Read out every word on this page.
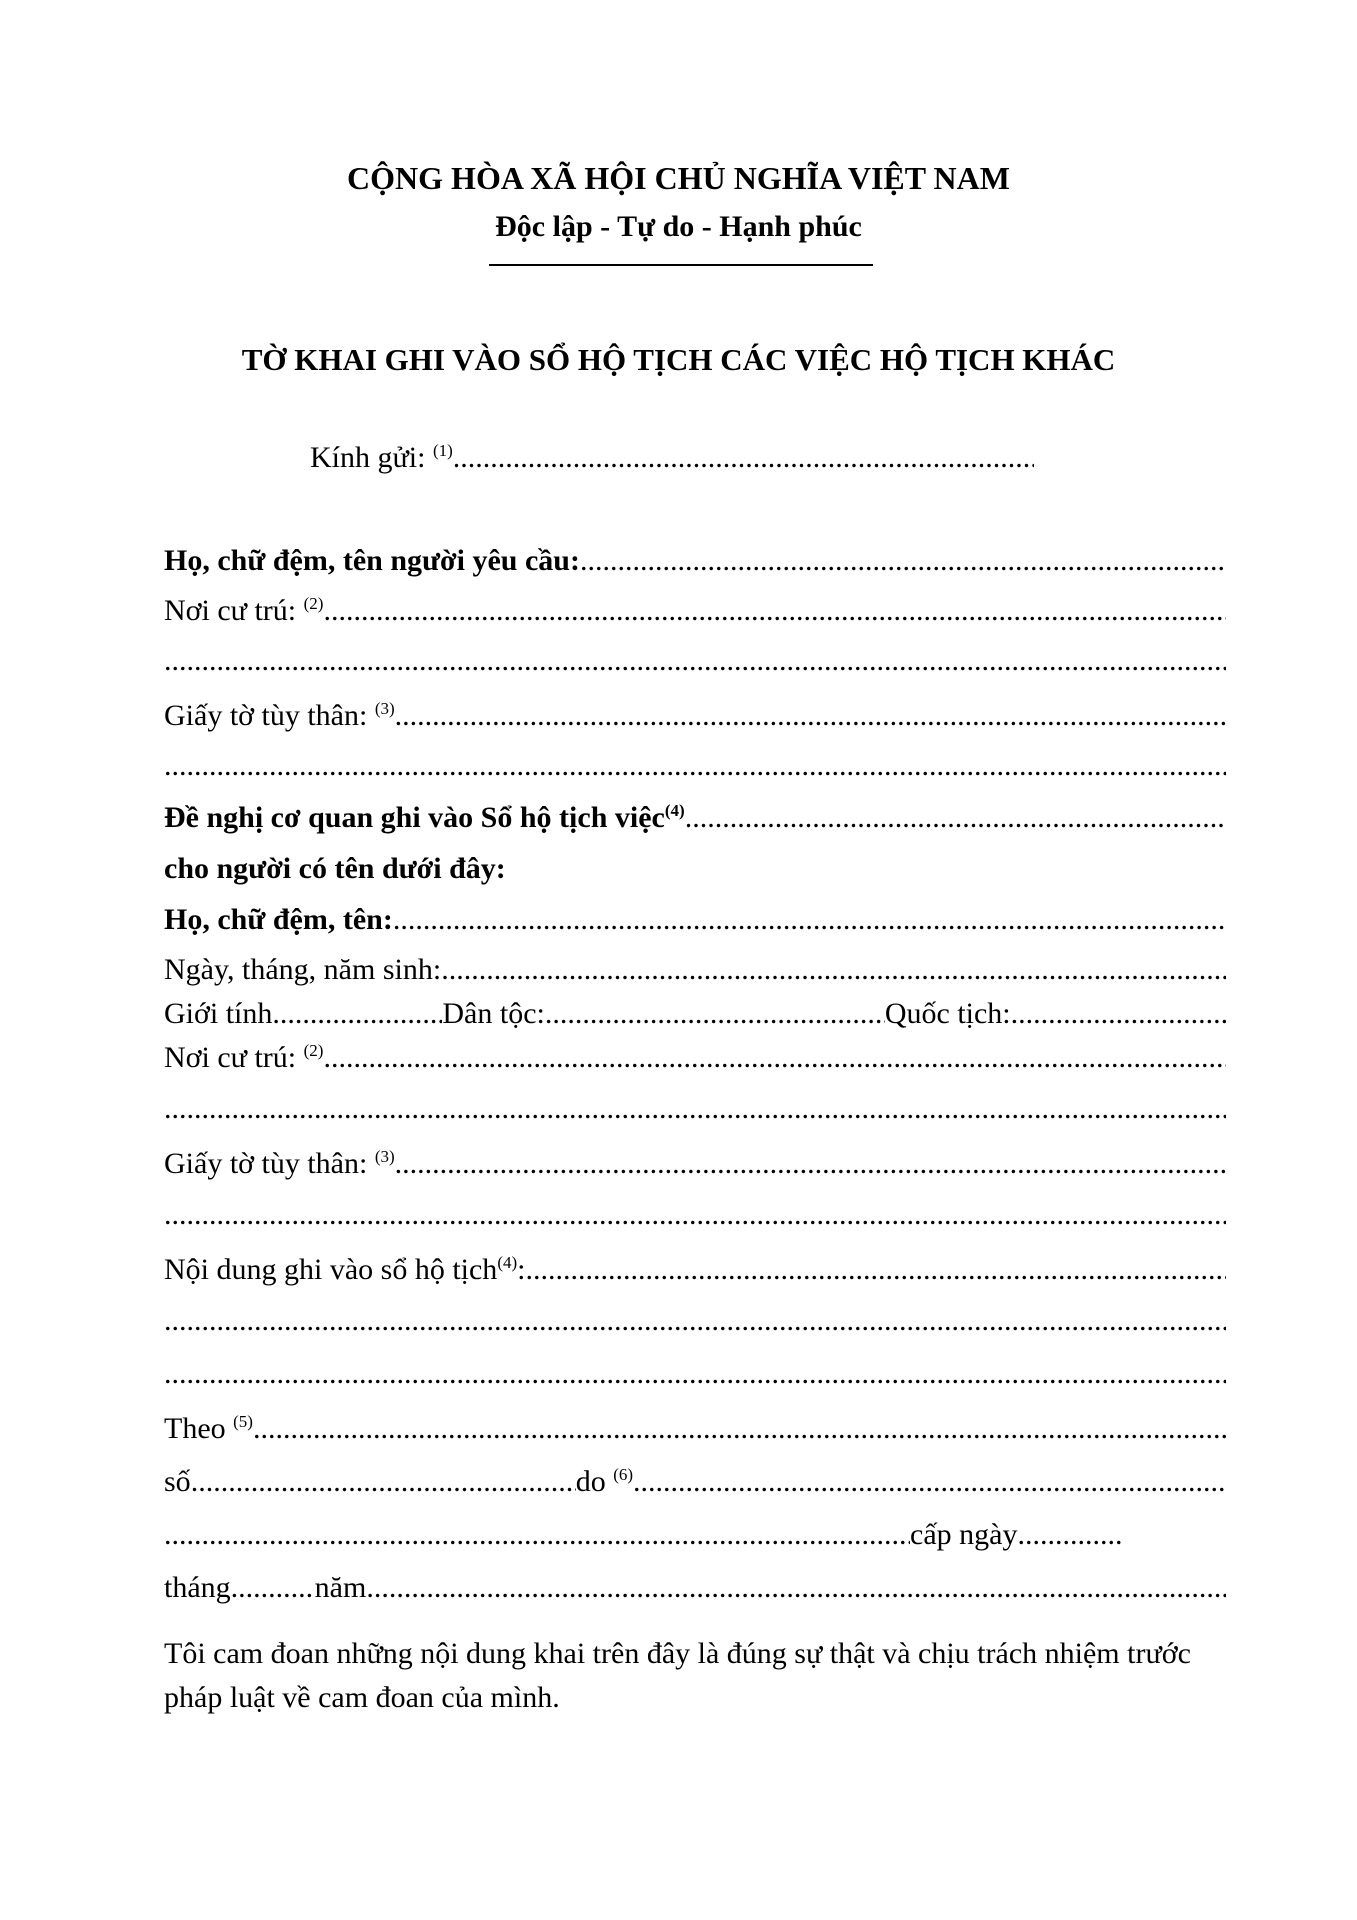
CỘNG HÒA XÃ HỘI CHỦ NGHĨA VIỆT NAM
Độc lập - Tự do - Hạnh phúc
TỜ KHAI GHI VÀO SỔ HỘ TỊCH CÁC VIỆC HỘ TỊCH KHÁC
Kính gửi: $^{(1)}$
.....
Họ, chữ đệm, tên người yêu cầu:
.....
Nơi cư trú: $^{(2)}$
.....
.....
Giấy tờ tùy thân: $^{(3)}$
.....
.....
Đề nghị cơ quan ghi vào Sổ hộ tịch việc$^{(4)}$
.....
cho người có tên dưới đây:
Họ, chữ đệm, tên:
.....
Ngày, tháng, năm sinh:
.....
Giới tính .....	Dân tộc: .....	Quốc tịch:
.....
Nơi cư trú: $^{(2)}$
.....
.....
Giấy tờ tùy thân: $^{(3)}$
.....
.....
Nội dung ghi vào sổ hộ tịch$^{(4)}$:
.....
.....
.....
Theo $^{(5)}$
.....
số .....	do $^{(6)}$
.....
.....
cấp ngày
.....
tháng .....	năm
.....
Tôi cam đoan những nội dung khai trên đây là đúng sự thật và chịu trách nhiệm trước pháp luật về cam đoan của mình.
